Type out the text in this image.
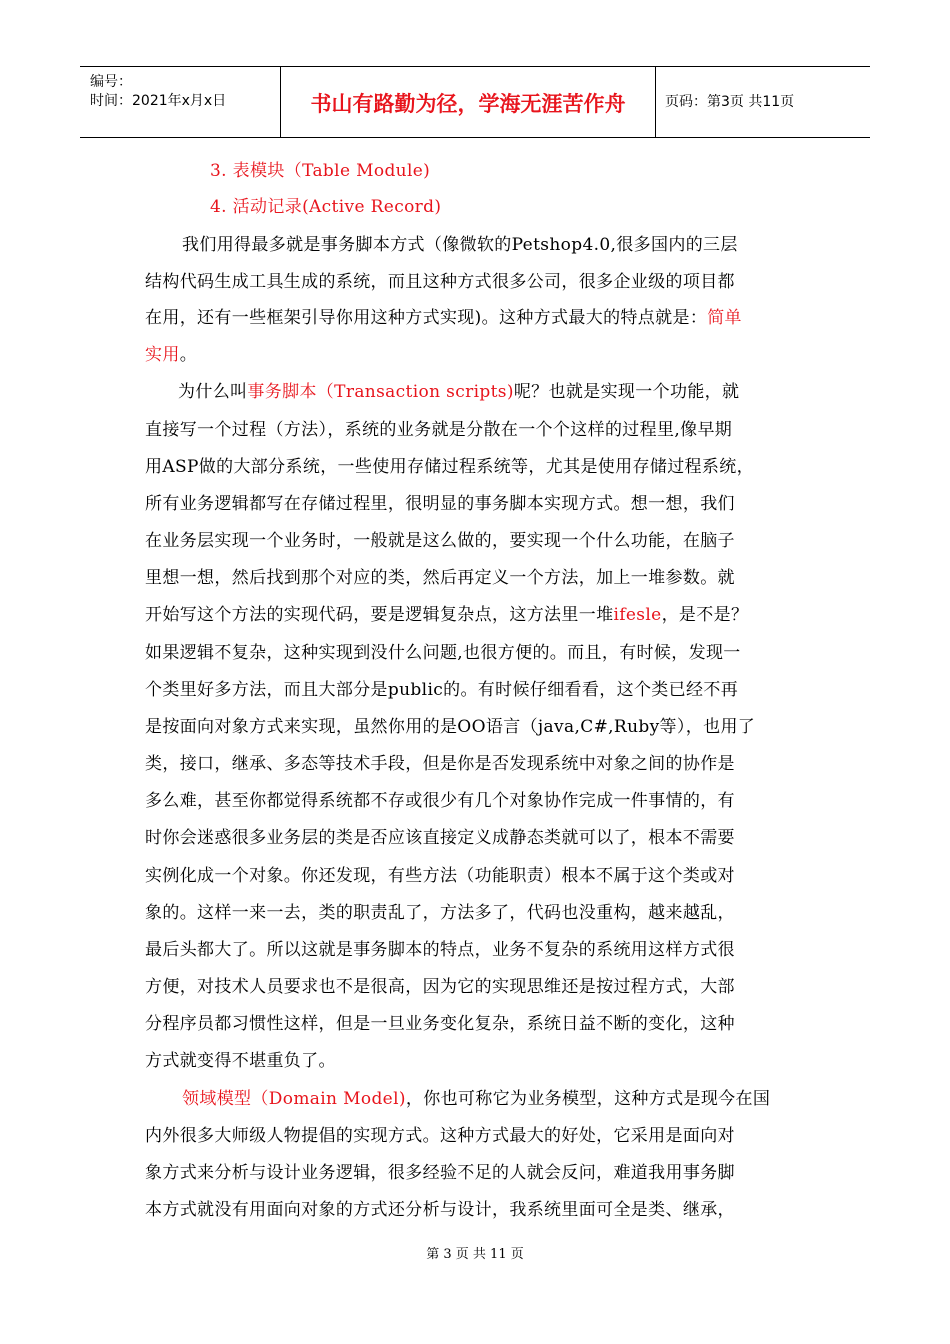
编号：
时间：2021年x月x日	书山有路勤为径，学海无涯苦作舟	页码：第3页 共11页
3. 表模块（Table Module)
4. 活动记录(Active Record)
我们用得最多就是事务脚本方式（像微软的Petshop4.0,很多国内的三层
结构代码生成工具生成的系统，而且这种方式很多公司，很多企业级的项目都
在用，还有一些框架引导你用这种方式实现)。这种方式最大的特点就是：简单
实用。
为什么叫事务脚本（Transaction scripts)呢？也就是实现一个功能，就
直接写一个过程（方法），系统的业务就是分散在一个个这样的过程里,像早期
用ASP做的大部分系统，一些使用存储过程系统等，尤其是使用存储过程系统，
所有业务逻辑都写在存储过程里，很明显的事务脚本实现方式。想一想，我们
在业务层实现一个业务时，一般就是这么做的，要实现一个什么功能，在脑子
里想一想，然后找到那个对应的类，然后再定义一个方法，加上一堆参数。就
开始写这个方法的实现代码，要是逻辑复杂点，这方法里一堆ifesle，是不是？
如果逻辑不复杂，这种实现到没什么问题,也很方便的。而且，有时候，发现一
个类里好多方法，而且大部分是public的。有时候仔细看看，这个类已经不再
是按面向对象方式来实现，虽然你用的是OO语言（java,C#,Ruby等），也用了
类，接口，继承、多态等技术手段，但是你是否发现系统中对象之间的协作是
多么难，甚至你都觉得系统都不存或很少有几个对象协作完成一件事情的，有
时你会迷惑很多业务层的类是否应该直接定义成静态类就可以了，根本不需要
实例化成一个对象。你还发现，有些方法（功能职责）根本不属于这个类或对
象的。这样一来一去，类的职责乱了，方法多了，代码也没重构，越来越乱，
最后头都大了。所以这就是事务脚本的特点，业务不复杂的系统用这样方式很
方便，对技术人员要求也不是很高，因为它的实现思维还是按过程方式，大部
分程序员都习惯性这样，但是一旦业务变化复杂，系统日益不断的变化，这种
方式就变得不堪重负了。
领域模型（Domain Model)，你也可称它为业务模型，这种方式是现今在国
内外很多大师级人物提倡的实现方式。这种方式最大的好处，它采用是面向对
象方式来分析与设计业务逻辑，很多经验不足的人就会反问，难道我用事务脚
本方式就没有用面向对象的方式还分析与设计，我系统里面可全是类、继承，
第 3 页 共 11 页
